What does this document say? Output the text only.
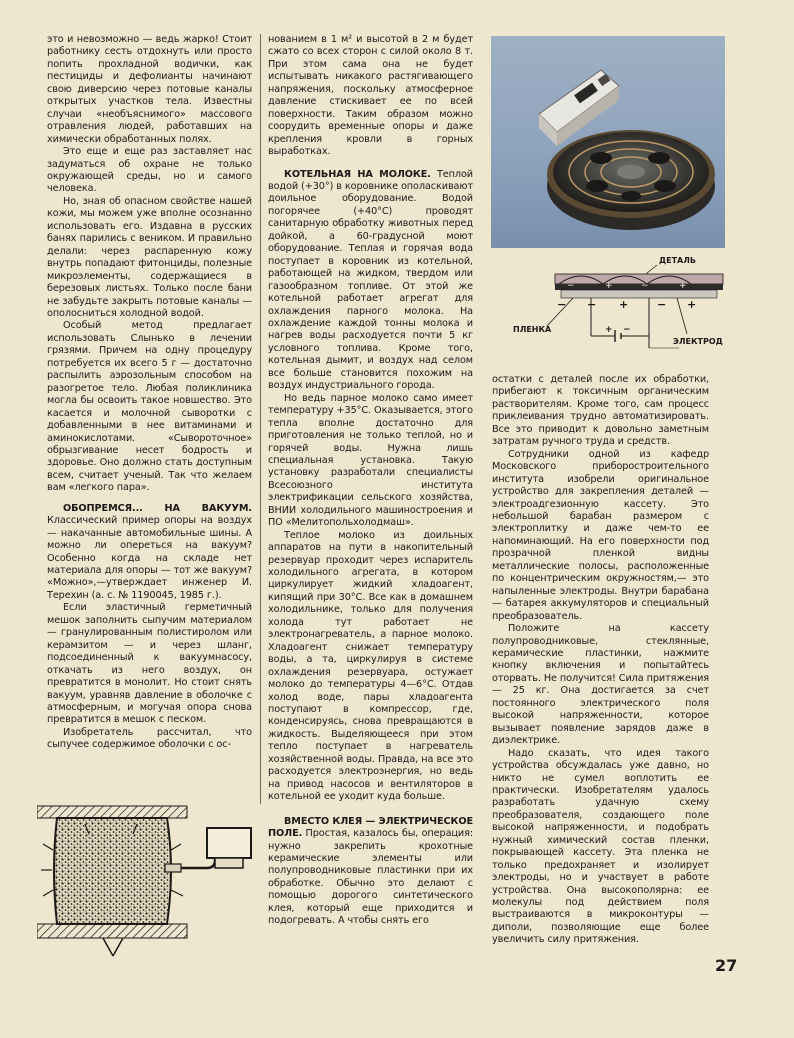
это и невозможно — ведь жарко! Стоит работнику сесть отдохнуть или просто попить прохладной водички, как пестициды и дефолианты начинают свою диверсию через потовые каналы открытых участков тела. Известны случаи «необъяснимого» массового отравления людей, работавших на химически обработанных полях.

Это еще и еще раз заставляет нас задуматься об охране не только окружающей среды, но и самого человека.

Но, зная об опасном свойстве нашей кожи, мы можем уже вполне осознанно использовать его. Издавна в русских банях парились с веником. И правильно делали: через распаренную кожу внутрь попадают фитонциды, полезные микроэлементы, содержащиеся в березовых листьях. Только после бани не забудьте закрыть потовые каналы — ополосниться холодной водой.

Особый метод предлагает использовать Слынько в лечении грязями. Причем на одну процедуру потребуется их всего 5 г — достаточно распылить аэрозольным способом на разогретое тело. Любая поликлиника могла бы освоить такое новшество. Это касается и молочной сыворотки с добавленными в нее витаминами и аминокислотами. «Сывороточное» обрызгивание несет бодрость и здоровье. Оно должно стать доступным всем, считает ученый. Так что желаем вам «легкого пара».

ОБОПРЕМСЯ... НА ВАКУУМ. Классический пример опоры на воздух — накачанные автомобильные шины. А можно ли опереться на вакуум? Особенно когда на складе нет материала для опоры — тот же вакуум? «Можно»,—утверждает инженер И. Терехин (а. с. № 1190045, 1985 г.).

Если эластичный герметичный мешок заполнить сыпучим материалом — гранулированным полистиролом или керамзитом — и через шланг, подсоединенный к вакуумнасосу, откачать из него воздух, он превратится в монолит. Но стоит снять вакуум, уравняв давление в оболочке с атмосферным, и могучая опора снова превратится в мешок с песком.

Изобретатель рассчитал, что сыпучее содержимое оболочки с ос-

нованием в 1 м² и высотой в 2 м будет сжато со всех сторон с силой около 8 т. При этом сама она не будет испытывать никакого растягивающего напряжения, поскольку атмосферное давление стискивает ее по всей поверхности. Таким образом можно соорудить временные опоры и даже крепления кровли в горных выработках.

КОТЕЛЬНАЯ НА МОЛОКЕ. Теплой водой (+30°) в коровнике ополаскивают доильное оборудование. Водой погорячее (+40°С) проводят санитарную обработку животных перед дойкой, а 60-градусной моют оборудование. Теплая и горячая вода поступает в коровник из котельной, работающей на жидком, твердом или газообразном топливе. От этой же котельной работает агрегат для охлаждения парного молока. На охлаждение каждой тонны молока и нагрев воды расходуется почти 5 кг условного топлива. Кроме того, котельная дымит, и воздух над селом все больше становится похожим на воздух индустриального города.

Но ведь парное молоко само имеет температуру +35°С. Оказывается, этого тепла вполне достаточно для приготовления не только теплой, но и горячей воды. Нужна лишь специальная установка. Такую установку разработали специалисты Всесоюзного института электрификации сельского хозяйства, ВНИИ холодильного машиностроения и ПО «Мелитопольхолодмаш».

Теплое молоко из доильных аппаратов на пути в накопительный резервуар проходит через испаритель холодильного агрегата, в котором циркулирует жидкий хладоагент, кипящий при 30°С. Все как в домашнем холодильнике, только для получения холода тут работает не электронагреватель, а парное молоко. Хладоагент снижает температуру воды, а та, циркулируя в системе охлаждения резервуара, остужает молоко до температуры 4—6°С. Отдав холод воде, пары хладоагента поступают в компрессор, где, конденсируясь, снова превращаются в жидкость. Выделяющееся при этом тепло поступает в нагреватель хозяйственной воды. Правда, на все это расходуется электроэнергия, но ведь на привод насосов и вентиляторов в котельной ее уходит куда больше.

ВМЕСТО КЛЕЯ — ЭЛЕКТРИЧЕСКОЕ ПОЛЕ. Простая, казалось бы, операция: нужно закрепить крохотные керамические элементы или полупроводниковые пластинки при их обработке. Обычно это делают с помощью дорогого синтетического клея, который еще приходится и подогревать. А чтобы снять его

ДЕТАЛЬ
−	+	−	+
− − +	− +
+ −
ПЛЕНКА
ЭЛЕКТРОД

остатки с деталей после их обработки, прибегают к токсичным органическим растворителям. Кроме того, сам процесс приклеивания трудно автоматизировать. Все это приводит к довольно заметным затратам ручного труда и средств.

Сотрудники одной из кафедр Московского приборостроительного института изобрели оригинальное устройство для закрепления деталей — электроадгезионную кассету. Это небольшой барабан размером с электроплитку и даже чем-то ее напоминающий. На его поверхности под прозрачной пленкой видны металлические полосы, расположенные по концентрическим окружностям,— это напыленные электроды. Внутри барабана — батарея аккумуляторов и специальный преобразователь.

Положите на кассету полупроводниковые, стеклянные, керамические пластинки, нажмите кнопку включения и попытайтесь оторвать. Не получится! Сила притяжения — 25 кг. Она достигается за счет постоянного электрического поля высокой напряженности, которое вызывает появление зарядов даже в диэлектрике.

Надо сказать, что идея такого устройства обсуждалась уже давно, но никто не сумел воплотить ее практически. Изобретателям удалось разработать удачную схему преобразователя, создающего поле высокой напряженности, и подобрать нужный химический состав пленки, покрывающей кассету. Эта пленка не только предохраняет и изолирует электроды, но и участвует в работе устройства. Она высокополярна: ее молекулы под действием поля выстраиваются в микроконтуры — диполи, позволяющие еще более увеличить силу притяжения.

27
